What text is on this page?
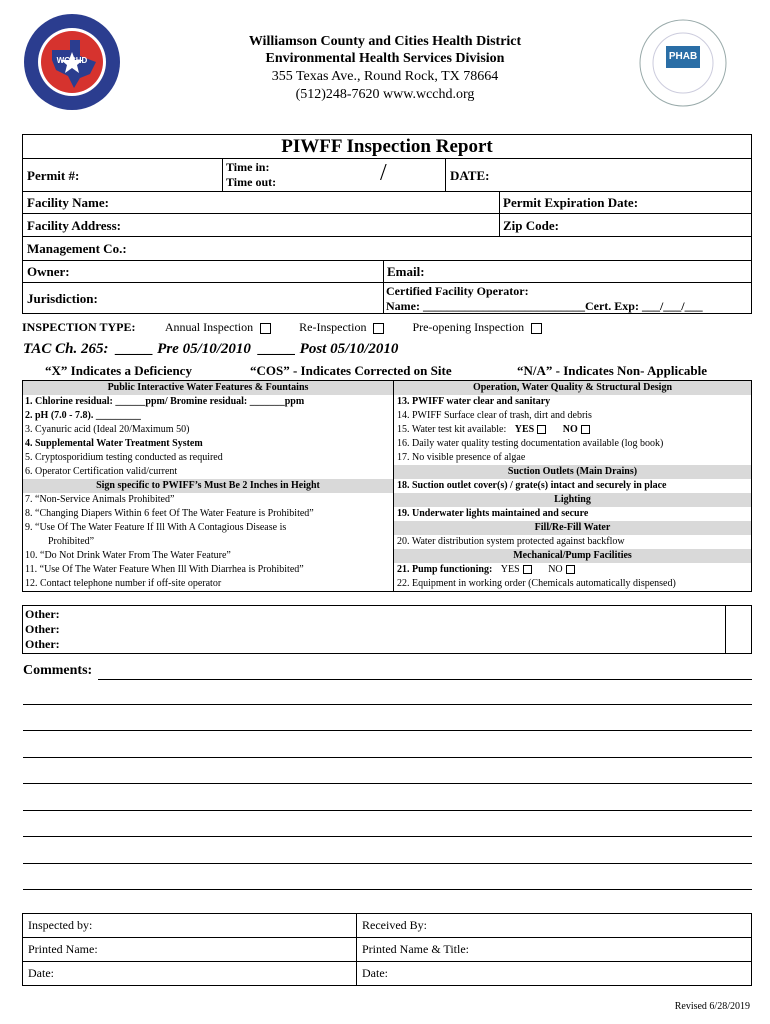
WCCHD
Williamson County and Cities Health District
Environmental Health Services Division
355 Texas Ave., Round Rock, TX 78664
(512)248-7620 www.wcchd.org
PHAB
PIWFF Inspection Report
Permit #:
Time in:
Time out:	/	DATE:
Facility Name:	Permit Expiration Date:
Facility Address:	Zip Code:
Management Co.:
Owner:	Email:
Jurisdiction:	Certified Facility Operator:
Name: ___________________________Cert. Exp: ___/___/___
INSPECTION TYPE: Annual Inspection	Re-Inspection	Pre-opening Inspection
TAC Ch. 265:  _____ Pre 05/10/2010  _____ Post 05/10/2010
“X” Indicates a Deficiency	“COS” - Indicates Corrected on Site	“N/A” - Indicates Non- Applicable
Public Interactive Water Features & Fountains
1. Chlorine residual: ______ppm/ Bromine residual: _______ppm
2. pH (7.0 - 7.8). _________
3. Cyanuric acid (Ideal 20/Maximum 50)
4. Supplemental Water Treatment System
5. Cryptosporidium testing conducted as required
6. Operator Certification valid/current
Sign specific to PWIFF’s Must Be 2 Inches in Height
7. “Non-Service Animals Prohibited”
8. “Changing Diapers Within 6 feet Of The Water Feature is Prohibited”
9. “Use Of The Water Feature If Ill With A Contagious Disease is
Prohibited”
10. “Do Not Drink Water From The Water Feature”
11. “Use Of The Water Feature When Ill With Diarrhea is Prohibited”
12. Contact telephone number if off-site operator
Operation, Water Quality & Structural Design
13. PWIFF water clear and sanitary
14. PWIFF Surface clear of trash, dirt and debris
15. Water test kit available: YES	NO
16. Daily water quality testing documentation available (log book)
17. No visible presence of algae
Suction Outlets (Main Drains)
18. Suction outlet cover(s) / grate(s) intact and securely in place
Lighting
19. Underwater lights maintained and secure
Fill/Re-Fill Water
20. Water distribution system protected against backflow
Mechanical/Pump Facilities
21. Pump functioning: YES	NO
22. Equipment in working order (Chemicals automatically dispensed)
Other:
Other:
Other:
Comments:
Inspected by:	Received By:
Printed Name:	Printed Name & Title:
Date:	Date:
Revised 6/28/2019
